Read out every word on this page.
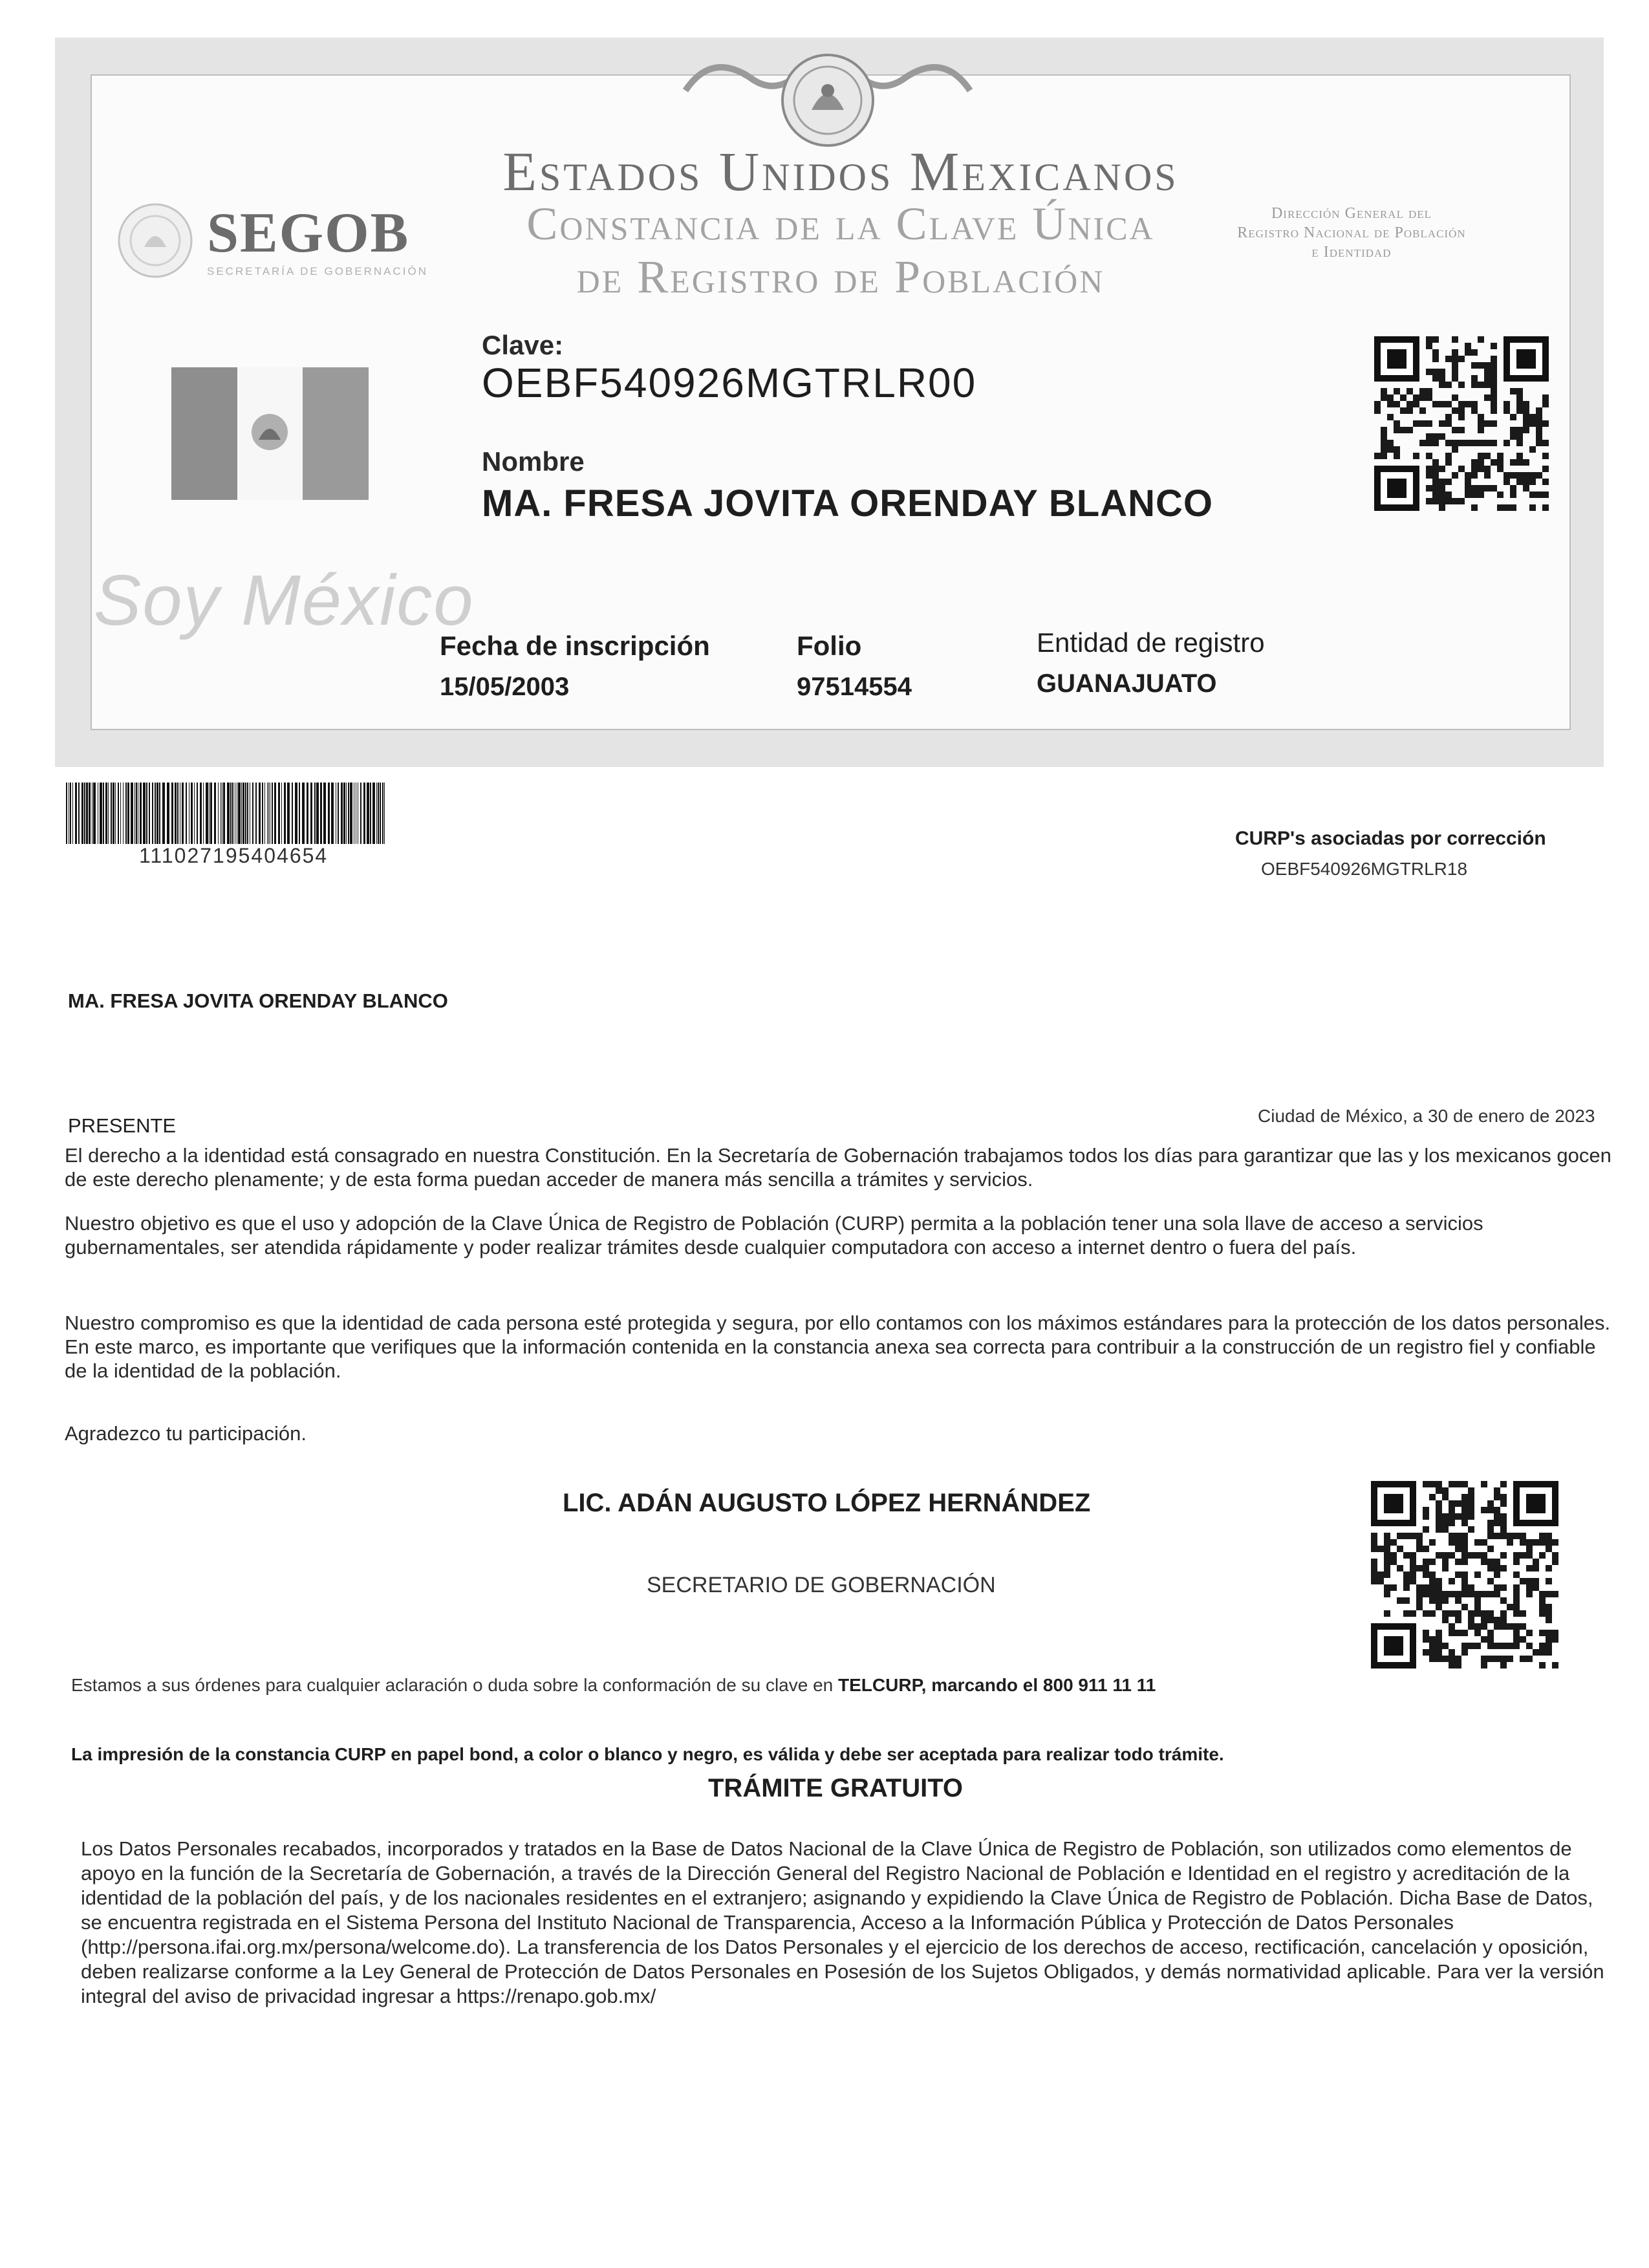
Estados Unidos Mexicanos
Constancia de la Clave Única
de Registro de Población
Dirección General del
Registro Nacional de Población
e Identidad
SEGOB
SECRETARÍA DE GOBERNACIÓN
Soy México
Clave:
OEBF540926MGTRLR00
Nombre
MA. FRESA JOVITA ORENDAY BLANCO
Fecha de inscripción
15/05/2003
Folio
97514554
Entidad de registro
GUANAJUATO
111027195404654
CURP's asociadas por corrección
OEBF540926MGTRLR18
MA. FRESA JOVITA ORENDAY BLANCO
PRESENTE	Ciudad de México, a 30 de enero de 2023
El derecho a la identidad está consagrado en nuestra Constitución. En la Secretaría de Gobernación trabajamos todos los días para garantizar que las y los mexicanos gocen de este derecho plenamente; y de esta forma puedan acceder de manera más sencilla a trámites y servicios.
Nuestro objetivo es que el uso y adopción de la Clave Única de Registro de Población (CURP) permita a la población tener una sola llave de acceso a servicios gubernamentales, ser atendida rápidamente y poder realizar trámites desde cualquier computadora con acceso a internet dentro o fuera del país.
Nuestro compromiso es que la identidad de cada persona esté protegida y segura, por ello contamos con los máximos estándares para la protección de los datos personales. En este marco, es importante que verifiques que la información contenida en la constancia anexa sea correcta para contribuir a la construcción de un registro fiel y confiable de la identidad de la población.
Agradezco tu participación.
LIC. ADÁN AUGUSTO LÓPEZ HERNÁNDEZ
SECRETARIO DE GOBERNACIÓN
Estamos a sus órdenes para cualquier aclaración o duda sobre la conformación de su clave en TELCURP, marcando el 800 911 11 11
La impresión de la constancia CURP en papel bond, a color o blanco y negro, es válida y debe ser aceptada para realizar todo trámite.
TRÁMITE GRATUITO
Los Datos Personales recabados, incorporados y tratados en la Base de Datos Nacional de la Clave Única de Registro de Población, son utilizados como elementos de apoyo en la función de la Secretaría de Gobernación, a través de la Dirección General del Registro Nacional de Población e Identidad en el registro y acreditación de la identidad de la población del país, y de los nacionales residentes en el extranjero; asignando y expidiendo la Clave Única de Registro de Población. Dicha Base de Datos, se encuentra registrada en el Sistema Persona del Instituto Nacional de Transparencia, Acceso a la Información Pública y Protección de Datos Personales (http://persona.ifai.org.mx/persona/welcome.do). La transferencia de los Datos Personales y el ejercicio de los derechos de acceso, rectificación, cancelación y oposición, deben realizarse conforme a la Ley General de Protección de Datos Personales en Posesión de los Sujetos Obligados, y demás normatividad aplicable. Para ver la versión integral del aviso de privacidad ingresar a https://renapo.gob.mx/
